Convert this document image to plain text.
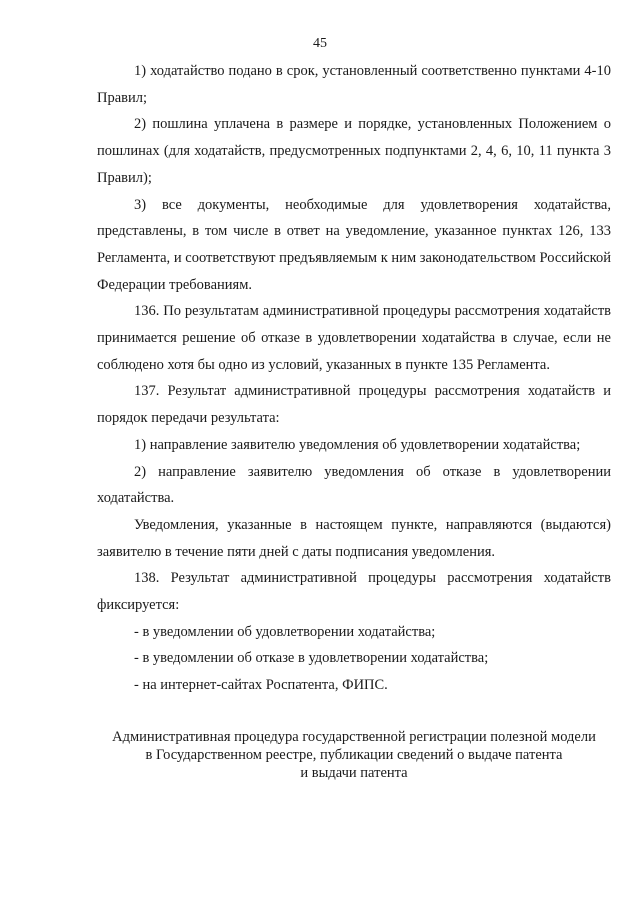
45

1) ходатайство подано в срок, установленный соответственно пунктами 4-10 Правил;

2) пошлина уплачена в размере и порядке, установленных Положением о пошлинах (для ходатайств, предусмотренных подпунктами 2, 4, 6, 10, 11 пункта 3 Правил);

3) все документы, необходимые для удовлетворения ходатайства, представлены, в том числе в ответ на уведомление, указанное пунктах 126, 133 Регламента, и соответствуют предъявляемым к ним законодательством Российской Федерации требованиям.

136. По результатам административной процедуры рассмотрения ходатайств принимается решение об отказе в удовлетворении ходатайства в случае, если не соблюдено хотя бы одно из условий, указанных в пункте 135 Регламента.

137. Результат административной процедуры рассмотрения ходатайств и порядок передачи результата:

1) направление заявителю уведомления об удовлетворении ходатайства;

2) направление заявителю уведомления об отказе в удовлетворении ходатайства.

Уведомления, указанные в настоящем пункте, направляются (выдаются) заявителю в течение пяти дней с даты подписания уведомления.

138. Результат административной процедуры рассмотрения ходатайств фиксируется:

- в уведомлении об удовлетворении ходатайства;

- в уведомлении об отказе в удовлетворении ходатайства;

- на интернет-сайтах Роспатента, ФИПС.

Административная процедура государственной регистрации полезной модели
в Государственном реестре, публикации сведений о выдаче патента
и выдачи патента
